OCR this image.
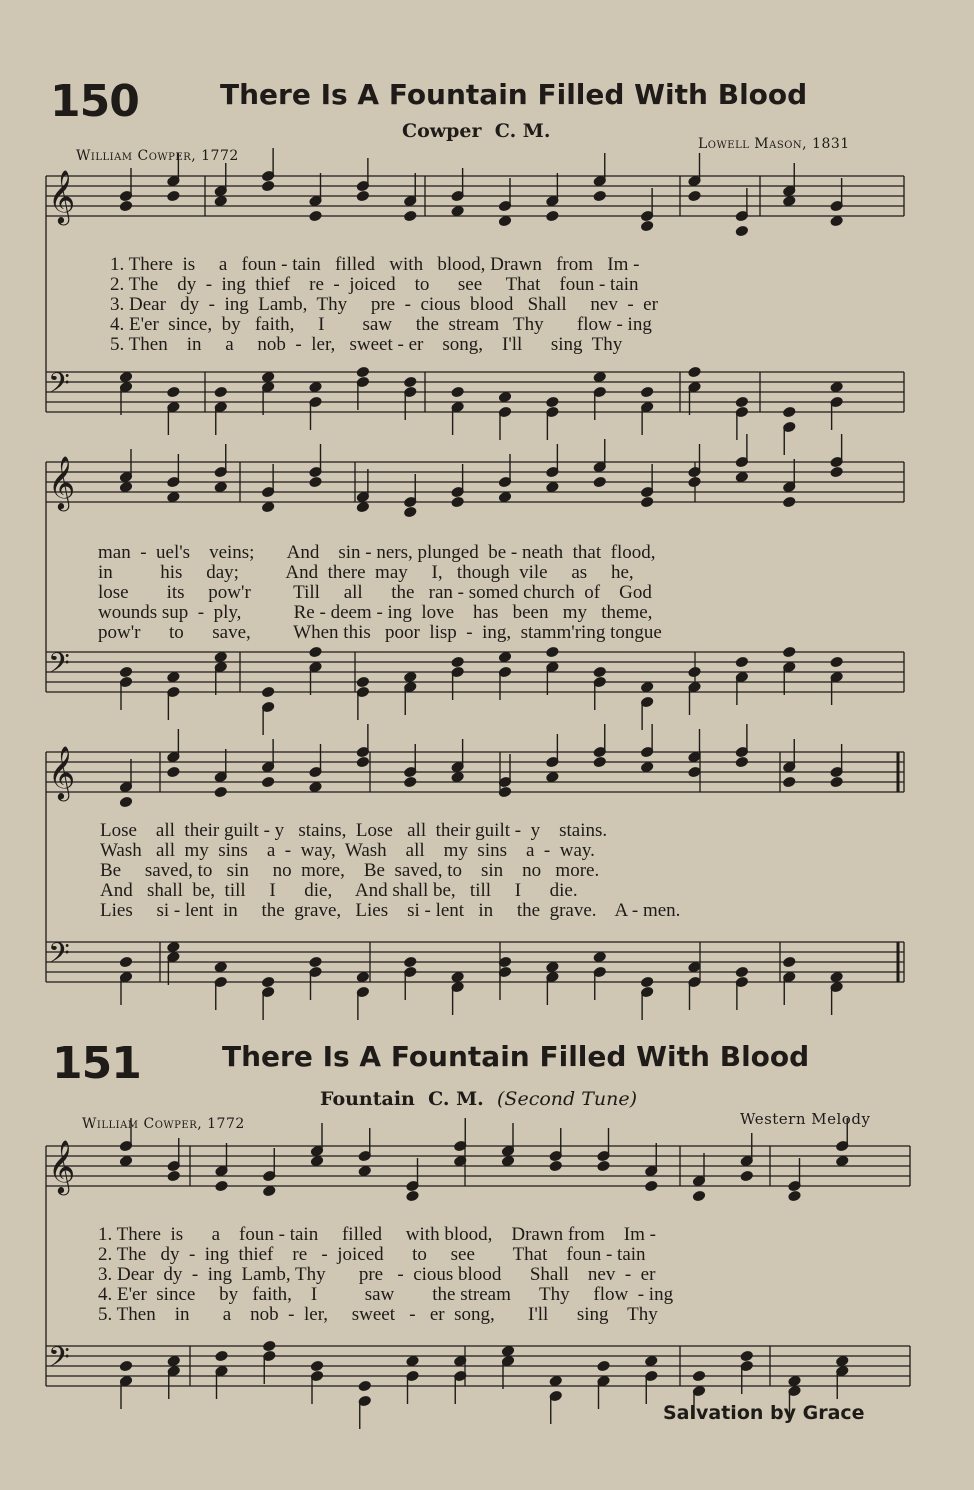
𝄞
𝄢
𝄞
𝄢
𝄞
𝄢
𝄞
𝄢
150	There Is A Fountain Filled With Blood
Cowper C. M.
William Cowper, 1772
Lowell Mason, 1831
1. There  is     a   foun - tain   filled   with   blood, Drawn   from   Im -
2. The    dy  -  ing  thief    re  -  joiced    to      see     That    foun - tain
3. Dear   dy  -  ing  Lamb,  Thy     pre  -  cious  blood   Shall     nev  -  er
4. E'er  since,  by   faith,     I        saw     the  stream   Thy       flow - ing
5. Then    in     a     nob  -  ler,   sweet - er    song,    I'll      sing  Thy
man  -  uel's    veins;       And    sin - ners, plunged  be - neath  that  flood,
in          his     day;          And  there  may     I,   though  vile     as     he,
lose        its     pow'r         Till     all      the   ran - somed church  of    God
wounds sup  -  ply,           Re - deem - ing  love    has   been   my   theme,
pow'r      to      save,         When this   poor  lisp  -  ing,  stamm'ring tongue
Lose    all  their guilt - y   stains,  Lose   all  their guilt -  y    stains.
Wash   all  my  sins    a  -  way,  Wash    all    my  sins    a  -  way.
Be     saved, to   sin     no  more,    Be  saved, to    sin    no   more.
And   shall  be,  till     I      die,     And shall be,   till     I      die.
Lies     si - lent  in     the  grave,   Lies    si - lent   in     the  grave.    A - men.
151	There Is A Fountain Filled With Blood
Fountain C. M. (Second Tune)
William Cowper, 1772	Western Melody
1. There  is      a    foun - tain     filled     with blood,    Drawn from    Im -
2. The   dy  -  ing  thief    re   -  joiced      to     see        That    foun - tain
3. Dear  dy  -  ing  Lamb, Thy       pre   -  cious blood      Shall    nev  -  er
4. E'er  since     by   faith,    I          saw        the stream      Thy     flow  - ing
5. Then    in       a    nob  -  ler,     sweet   -   er  song,       I'll      sing    Thy
Salvation by Grace
